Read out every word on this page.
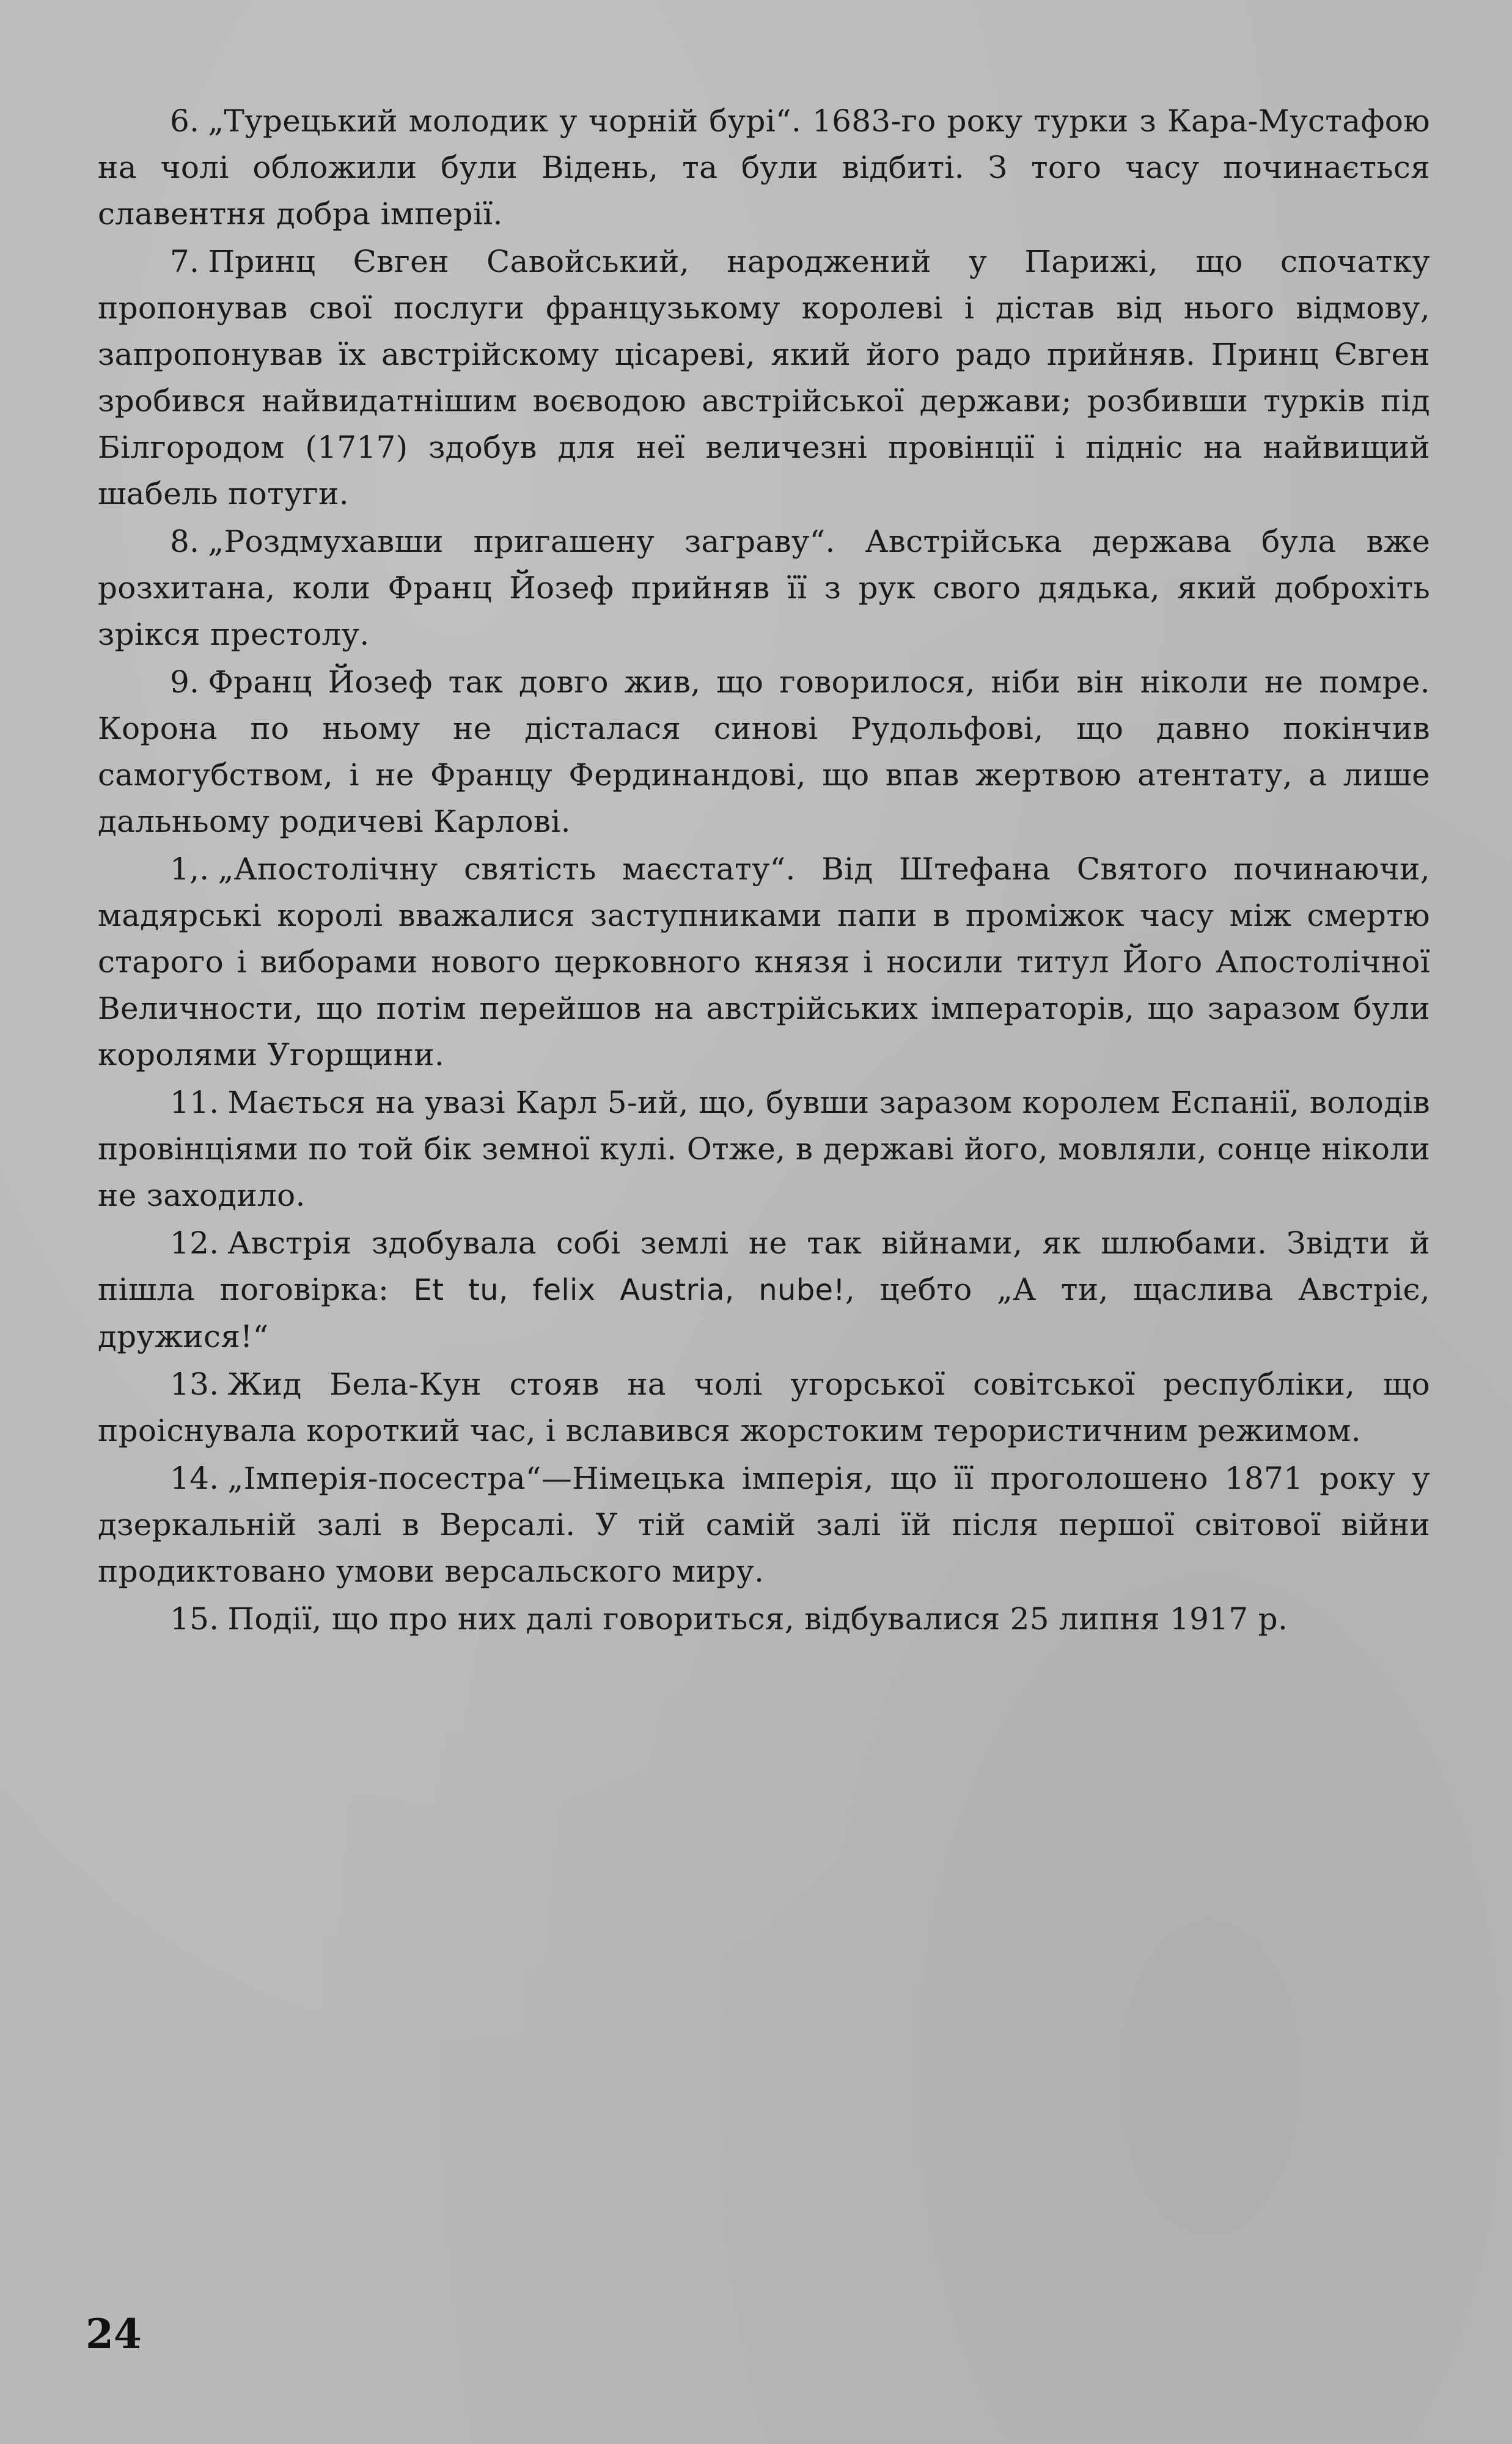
6. „Турецький молодик у чорній бурі“. 1683-го року турки з Кара-Мустафою на чолі обложили були Відень, та були відбиті. З того часу починається славентня добра імперії.
7. Принц Євген Савойський, народжений у Парижі, що спочатку пропонував свої послуги французькому королеві і дістав від нього відмову, запропонував їх австрійскому цісареві, який його радо прийняв. Принц Євген зробився найвидатнішим воєводою австрійської держави; розбивши турків під Білгородом (1717) здобув для неї величезні провінції і підніс на найвищий шабель потуги.
8. „Роздмухавши пригашену заграву“. Австрійська держава була вже розхитана, коли Франц Йозеф прийняв її з рук свого дядька, який доброхіть зрікся престолу.
9. Франц Йозеф так довго жив, що говорилося, ніби він ніколи не помре. Корона по ньому не дісталася синові Рудольфові, що давно покінчив самогубством, і не Францу Фердинандові, що впав жертвою атентату, а лише дальньому родичеві Карлові.
1,. „Апостолічну святість маєстату“. Від Штефана Святого починаючи, мадярські королі вважалися заступниками папи в проміжок часу між смертю старого і виборами нового церковного князя і носили титул Його Апостолічної Величности, що потім перейшов на австрійських імператорів, що заразом були королями Угорщини.
11. Мається на увазі Карл 5-ий, що, бувши заразом королем Еспанії, володів провінціями по той бік земної кулі. Отже, в державі його, мовляли, сонце ніколи не заходило.
12. Австрія здобувала собі землі не так війнами, як шлюбами. Звідти й пішла поговірка: Et tu, felix Austria, nube!, цебто „А ти, щаслива Австріє, дружися!“
13. Жид Бела-Кун стояв на чолі угорської совітської республіки, що проіснувала короткий час, і вславився жорстоким терористичним режимом.
14. „Імперія-посестра“—Німецька імперія, що її проголошено 1871 року у дзеркальній залі в Версалі. У тій самій залі їй після першої світової війни продиктовано умови версальского миру.
15. Події, що про них далі говориться, відбувалися 25 липня 1917 р.
24
